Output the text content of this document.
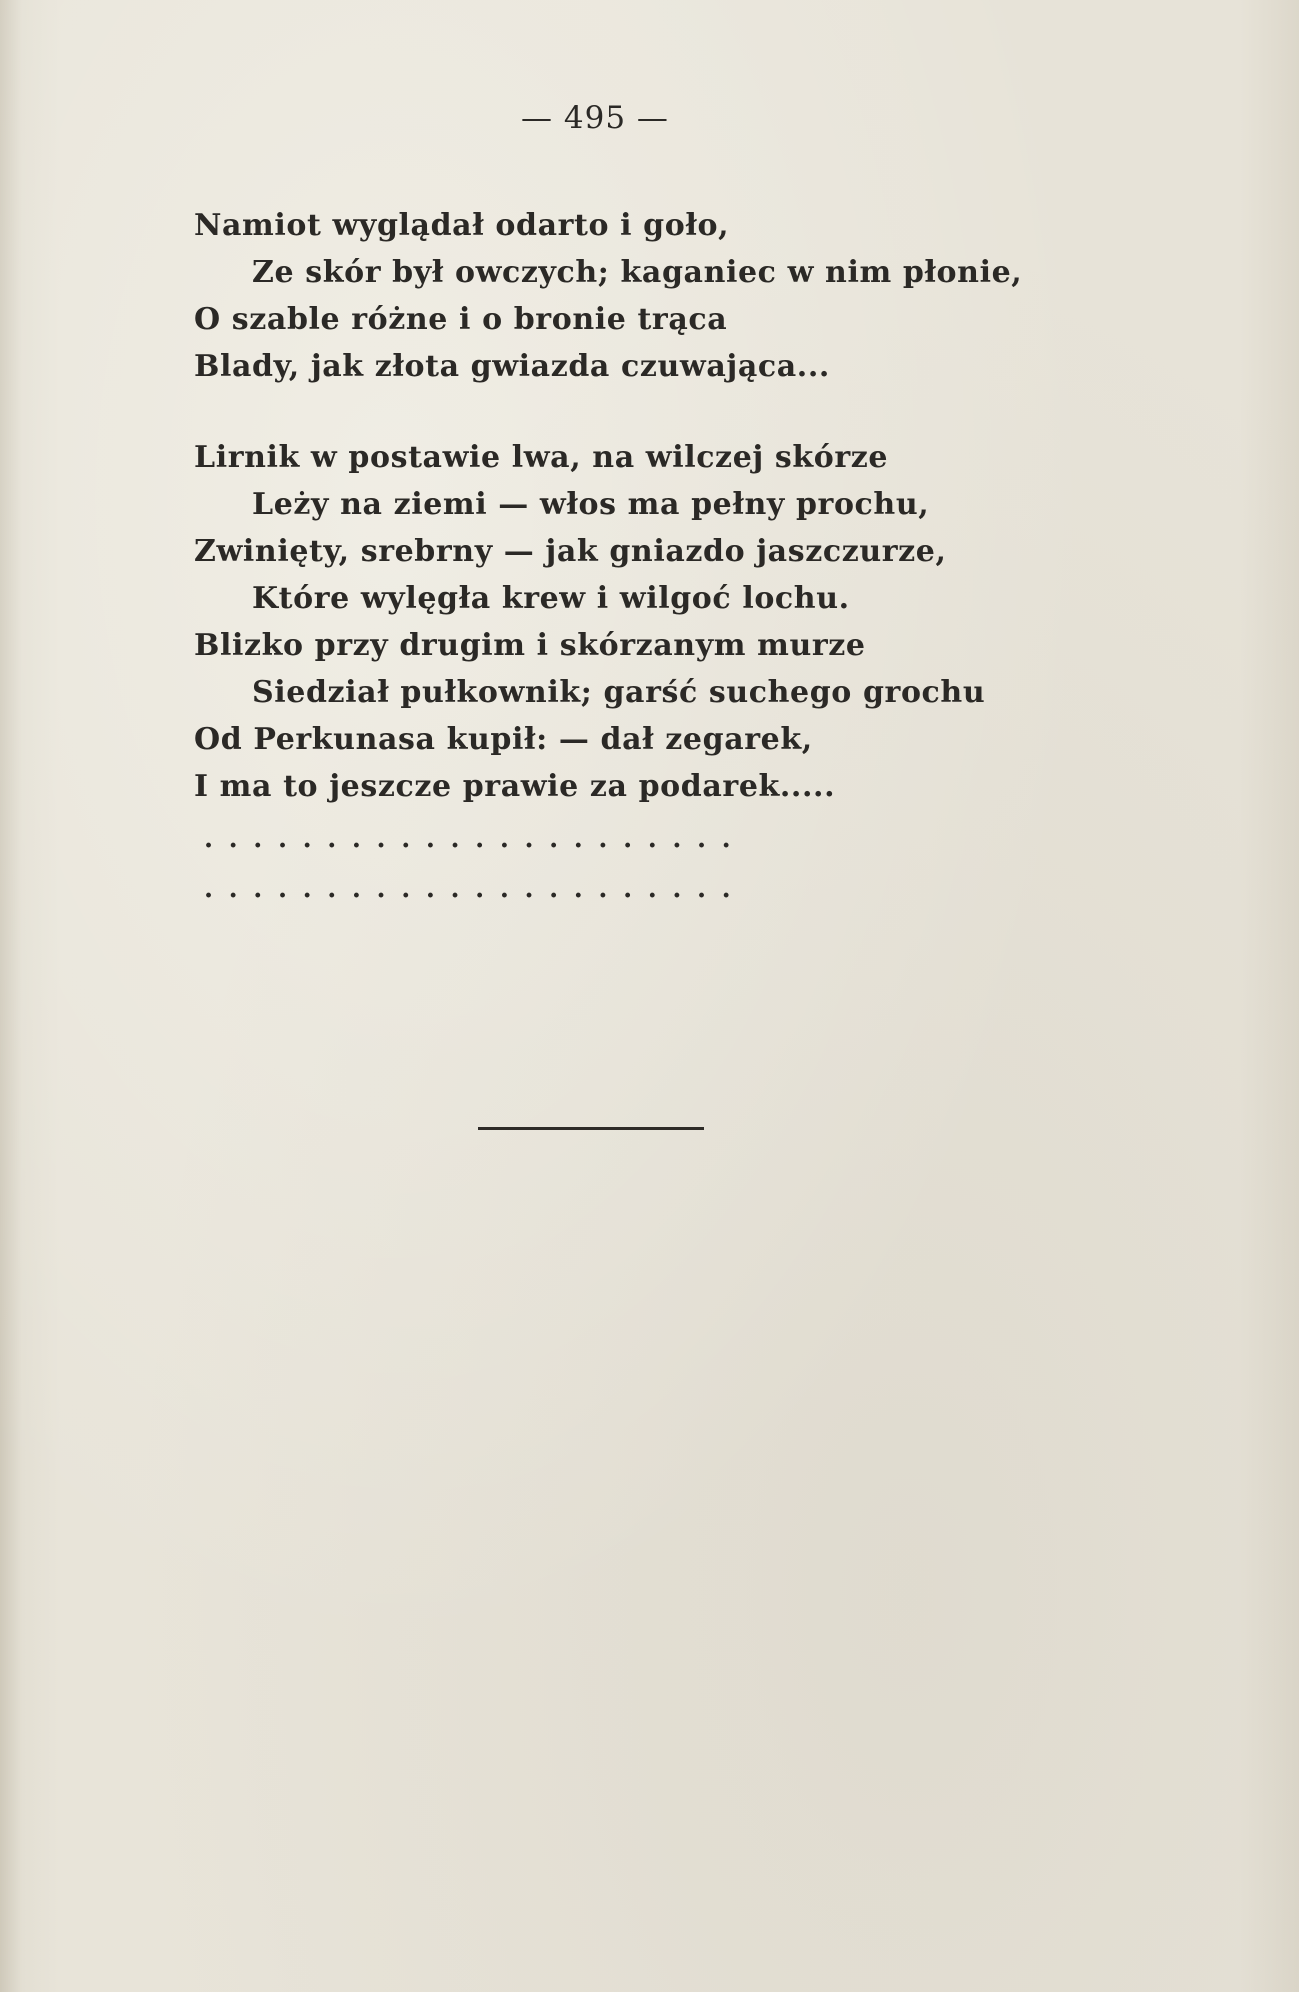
— 495 —
Namiot wyglądał odarto i goło,
Ze skór był owczych; kaganiec w nim płonie,
O szable różne i o bronie trąca
Blady, jak złota gwiazda czuwająca...
Lirnik w postawie lwa, na wilczej skórze
Leży na ziemi — włos ma pełny prochu,
Zwinięty, srebrny — jak gniazdo jaszczurze,
Które wylęgła krew i wilgoć lochu.
Blizko przy drugim i skórzanym murze
Siedział pułkownik; garść suchego grochu
Od Perkunasa kupił: — dał zegarek,
I ma to jeszcze prawie za podarek.....
......................
......................
